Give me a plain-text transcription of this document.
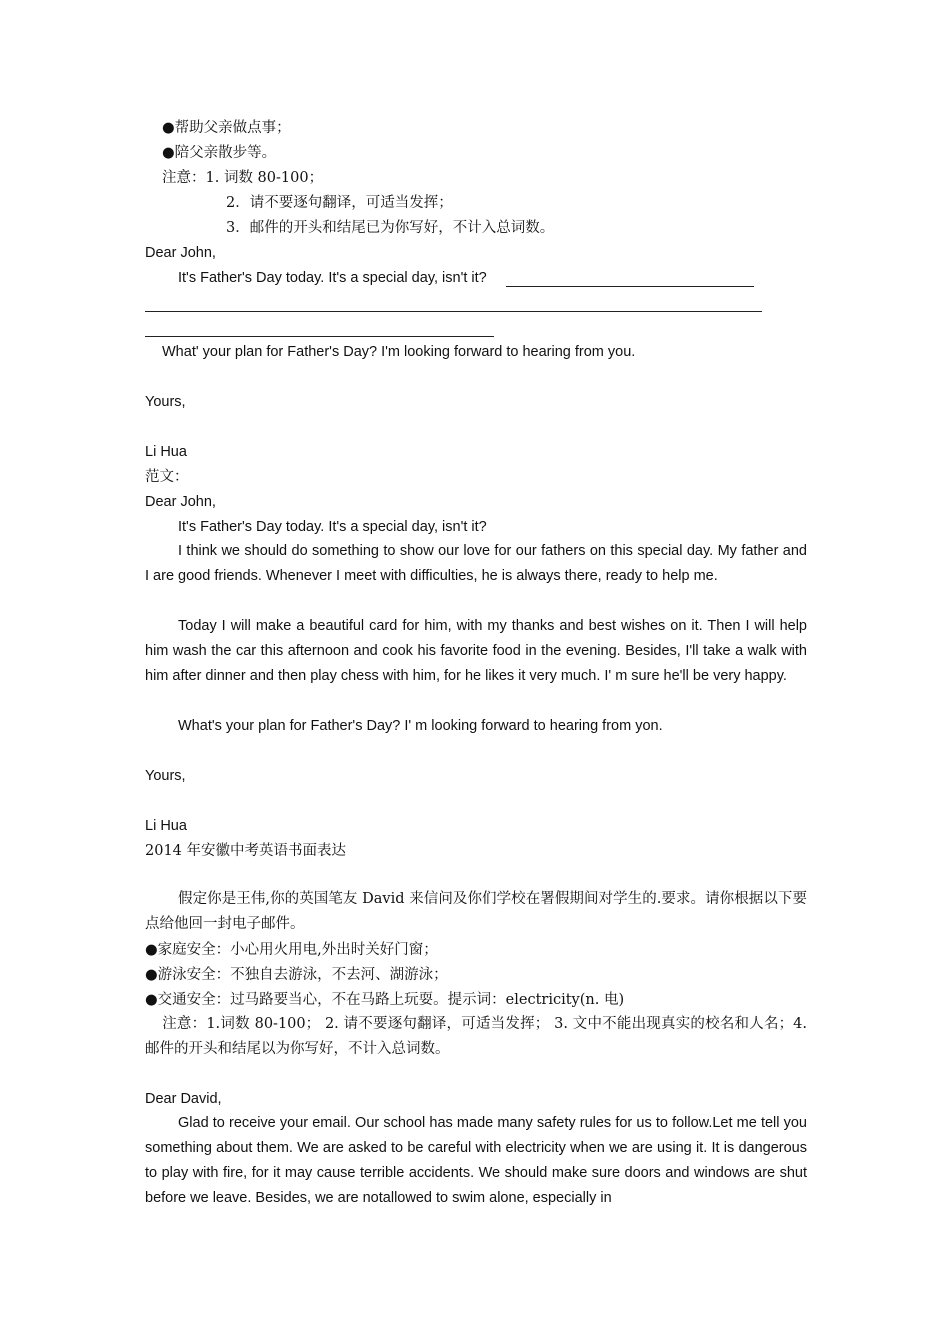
●帮助父亲做点事；
●陪父亲散步等。
注意：1. 词数 80-100；
2．请不要逐句翻译，可适当发挥；
3．邮件的开头和结尾已为你写好，不计入总词数。
Dear John,
It's Father's Day today. It's a special day, isn't it?
What' your plan for Father's Day? I'm looking forward to hearing from you.
Yours,
Li Hua
范文：
Dear John,
It's Father's Day today. It's a special day, isn't it?
I think we should do something to show our love for our fathers on this special day. My father and I are good friends. Whenever I meet with difficulties, he is always there, ready to help me.
Today I will make a beautiful card for him, with my thanks and best wishes on it. Then I will help him wash the car this afternoon and cook his favorite food in the evening. Besides, I'll take a walk with him after dinner and then play chess with him, for he likes it very much. I' m sure he'll be very happy.
What's your plan for Father's Day? I' m looking forward to hearing from yon.
Yours,
Li Hua
2014 年安徽中考英语书面表达
假定你是王伟,你的英国笔友 David 来信问及你们学校在署假期间对学生的.要求。请你根据以下要点给他回一封电子邮件。
●家庭安全：小心用火用电,外出时关好门窗；
●游泳安全：不独自去游泳，不去河、湖游泳；
●交通安全：过马路要当心，不在马路上玩耍。提示词：electricity(n. 电)
注意：1.词数 80-100； 2. 请不要逐句翻译，可适当发挥； 3. 文中不能出现真实的校名和人名；4. 邮件的开头和结尾以为你写好，不计入总词数。
Dear David,
Glad to receive your email. Our school has made many safety rules for us to follow.Let me tell you something about them. We are asked to be careful with electricity when we are using it. It is dangerous to play with fire, for it may cause terrible accidents. We should make sure doors and windows are shut before we leave. Besides, we are notallowed to swim alone, especially in
